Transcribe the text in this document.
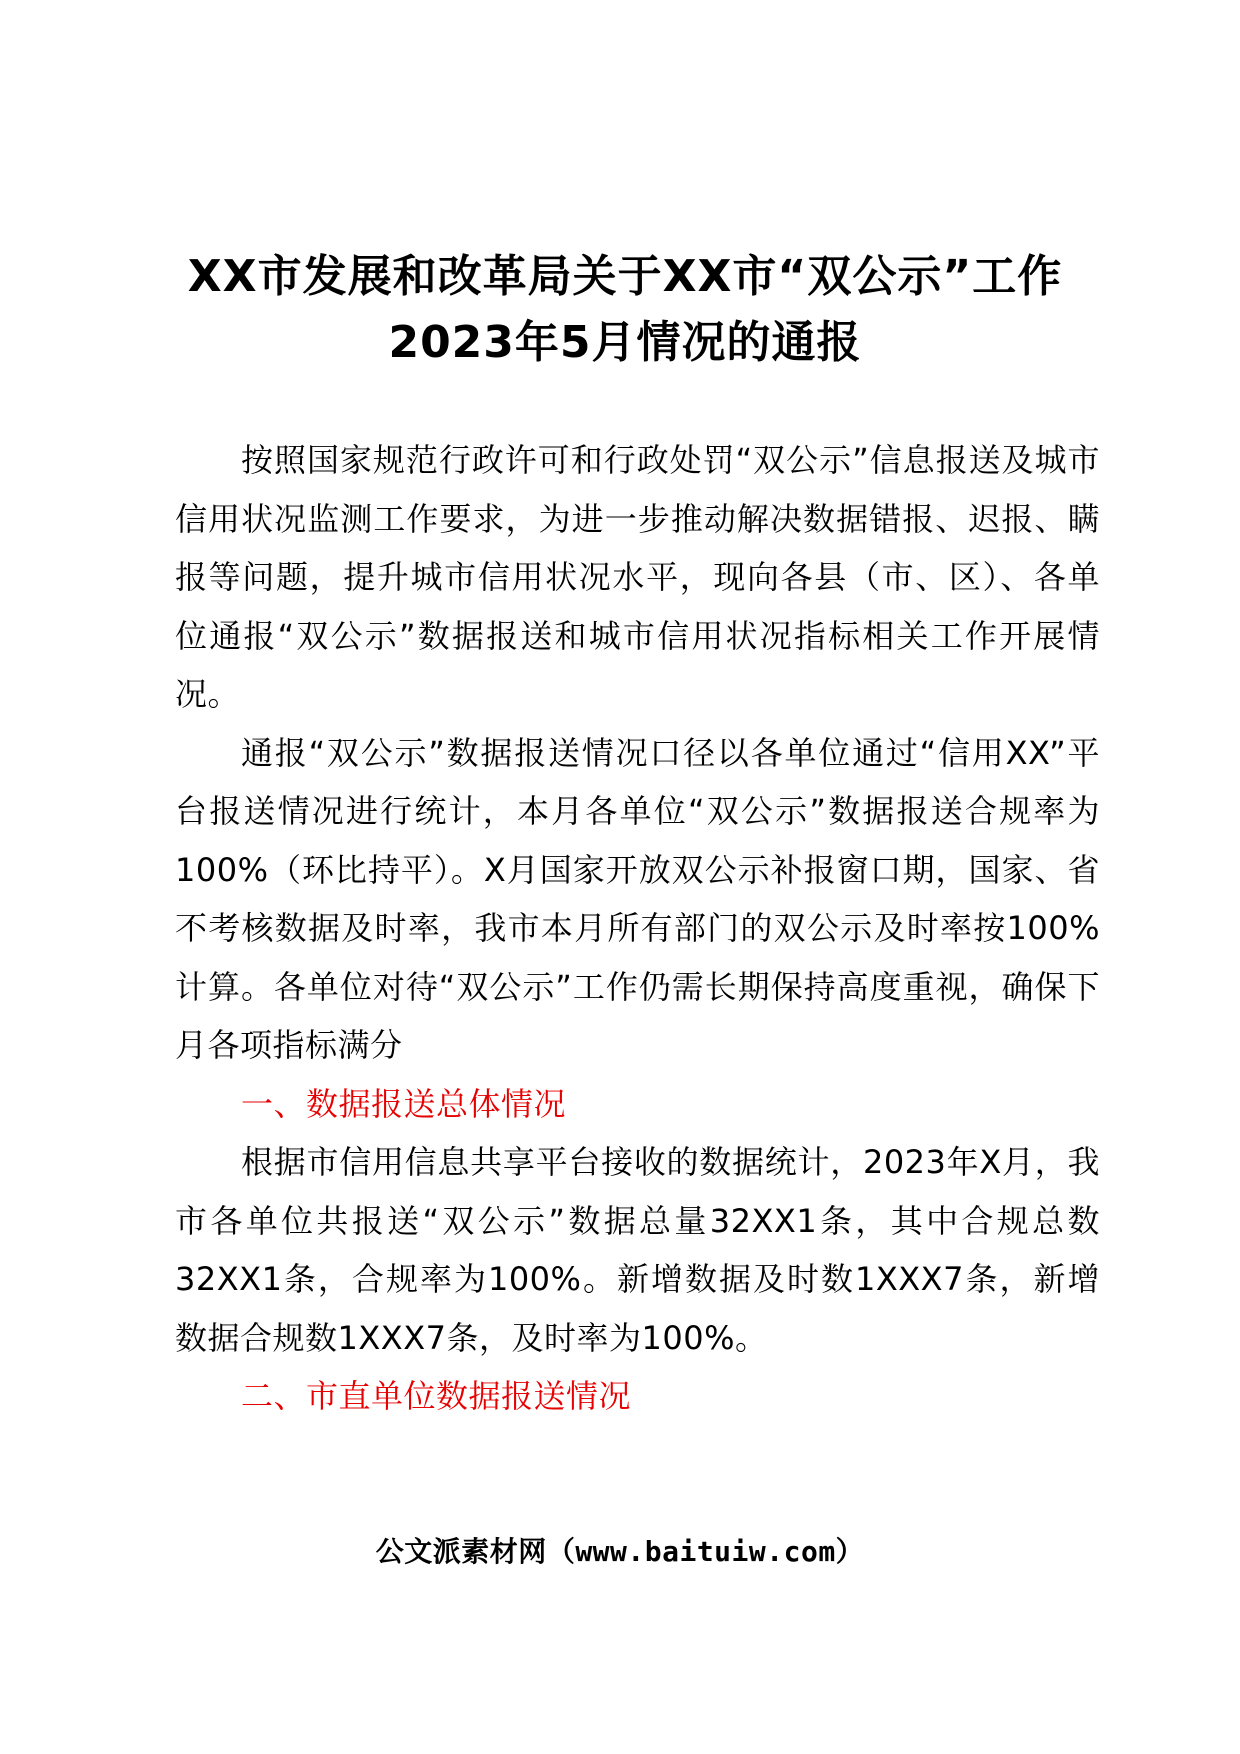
XX市发展和改革局关于XX市“双公示”工作2023年5月情况的通报

按照国家规范行政许可和行政处罚“双公示”信息报送及城市信用状况监测工作要求，为进一步推动解决数据错报、迟报、瞒报等问题，提升城市信用状况水平，现向各县（市、区）、各单位通报“双公示”数据报送和城市信用状况指标相关工作开展情况。

通报“双公示”数据报送情况口径以各单位通过“信用XX”平台报送情况进行统计，本月各单位“双公示”数据报送合规率为100%（环比持平）。X月国家开放双公示补报窗口期，国家、省不考核数据及时率，我市本月所有部门的双公示及时率按100%计算。各单位对待“双公示”工作仍需长期保持高度重视，确保下月各项指标满分

一、数据报送总体情况

根据市信用信息共享平台接收的数据统计，2023年X月，我市各单位共报送“双公示”数据总量32XX1条，其中合规总数32XX1条，合规率为100%。新增数据及时数1XXX7条，新增数据合规数1XXX7条，及时率为100%。

二、市直单位数据报送情况

公文派素材网（www.baituiw.com）
